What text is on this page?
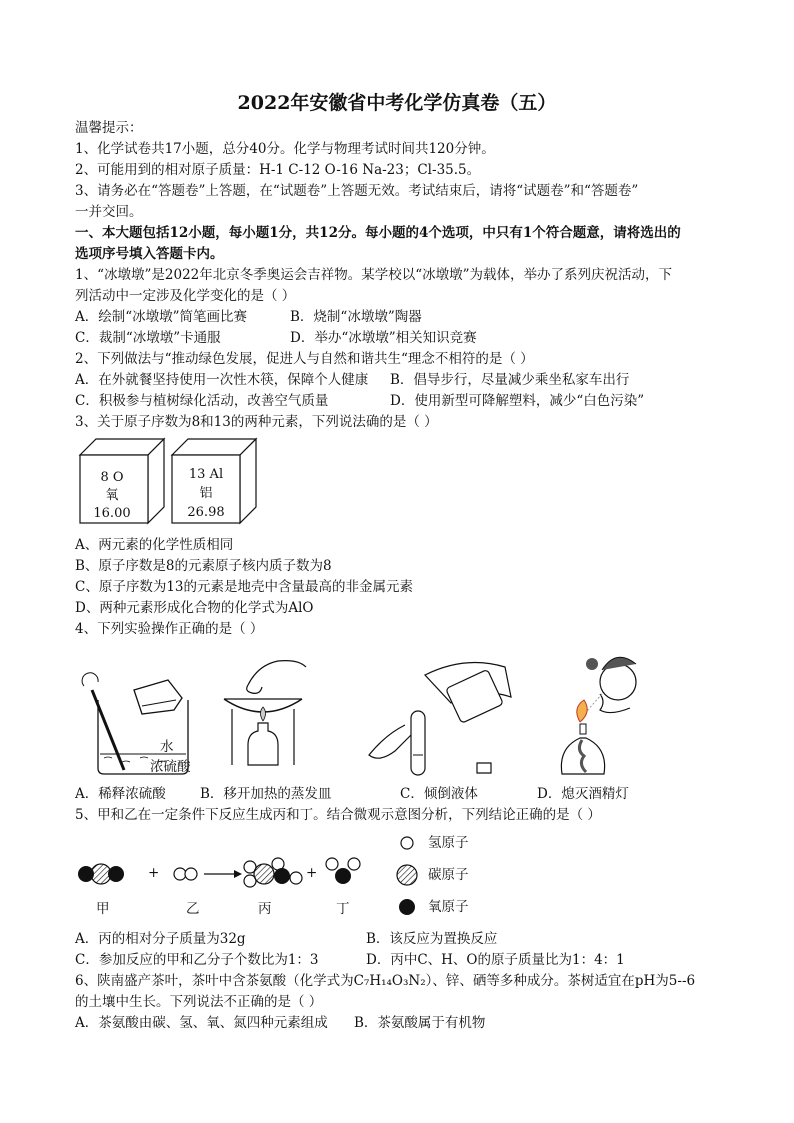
2022年安徽省中考化学仿真卷（五）
温馨提示：
1、化学试卷共17小题，总分40分。化学与物理考试时间共120分钟。
2、可能用到的相对原子质量：H-1 C-12 O-16 Na-23；Cl-35.5。
3、请务必在“答题卷”上答题，在“试题卷”上答题无效。考试结束后，请将“试题卷”和“答题卷”
一并交回。
一、本大题包括12小题，每小题1分，共12分。每小题的4个选项，中只有1个符合题意，请将选出的
选项序号填入答题卡内。
1、“冰墩墩”是2022年北京冬季奥运会吉祥物。某学校以“冰墩墩”为载体，举办了系列庆祝活动，下
列活动中一定涉及化学变化的是（ ）
A．绘制“冰墩墩”简笔画比赛	B．烧制“冰墩墩”陶器
C．裁制“冰墩墩”卡通服	D．举办“冰墩墩”相关知识竞赛
2、下列做法与“推动绿色发展，促进人与自然和谐共生“理念不相符的是（ ）
A．在外就餐坚持使用一次性木筷，保障个人健康 B．倡导步行，尽量减少乘坐私家车出行
C．积极参与植树绿化活动，改善空气质量	D．使用新型可降解塑料，减少“白色污染”
3、关于原子序数为8和13的两种元素，下列说法确的是（ ）
8 O
氧
16.00
13 Al
铝
26.98
A、两元素的化学性质相同
B、原子序数是8的元素原子核内质子数为8
C、原子序数为13的元素是地壳中含量最高的非金属元素
D、两种元素形成化合物的化学式为AlO
4、下列实验操作正确的是（ ）
水
浓硫酸
A．稀释浓硫酸	B．移开加热的蒸发皿	C．倾倒液体	D．熄灭酒精灯
5、甲和乙在一定条件下反应生成丙和丁。结合微观示意图分析，下列结论正确的是（ ）
+	+
甲	乙	丙	丁
氢原子
碳原子
氧原子
A．丙的相对分子质量为32g	B．该反应为置换反应
C．参加反应的甲和乙分子个数比为1：3	D．丙中C、H、O的原子质量比为1：4：1
6、陕南盛产茶叶，茶叶中含茶氨酸（化学式为C₇H₁₄O₃N₂）、锌、硒等多种成分。茶树适宜在pH为5--6
的土壤中生长。下列说法不正确的是（ ）
A．茶氨酸由碳、氢、氧、氮四种元素组成 B．茶氨酸属于有机物
